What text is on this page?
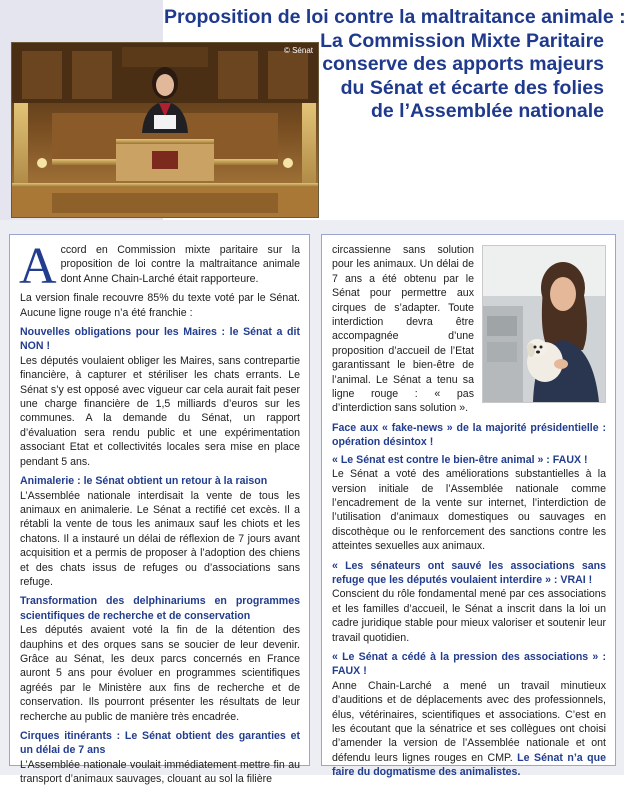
© Sénat
Proposition de loi contre la maltraitance animale :
La Commission Mixte Paritaire
conserve des apports majeurs
du Sénat et écarte des folies
de l’Assemblée nationale
A ccord en Commission mixte paritaire sur la proposition de loi contre la maltraitance animale dont Anne Chain-Larché était rapporteure.

La version finale recouvre 85% du texte voté par le Sénat. Aucune ligne rouge n’a été franchie :

Nouvelles obligations pour les Maires : le Sénat a dit NON !

Les députés voulaient obliger les Maires, sans contrepartie financière, à capturer et stériliser les chats errants. Le Sénat s’y est opposé avec vigueur car cela aurait fait peser une charge financière de 1,5 milliards d’euros sur les communes. A la demande du Sénat, un rapport d’évaluation sera rendu public et une expérimentation associant Etat et collectivités locales sera mise en place pendant 5 ans.

Animalerie : le Sénat obtient un retour à la raison

L’Assemblée nationale interdisait la vente de tous les animaux en animalerie. Le Sénat a rectifié cet excès. Il a rétabli la vente de tous les animaux sauf les chiots et les chatons. Il a instauré un délai de réflexion de 7 jours avant acquisition et a permis de proposer à l’adoption des chiens et des chats issus de refuges ou d’associations sans refuge.

Transformation des delphinariums en programmes scientifiques de recherche et de conservation

Les députés avaient voté la fin de la détention des dauphins et des orques sans se soucier de leur devenir. Grâce au Sénat, les deux parcs concernés en France auront 5 ans pour évoluer en programmes scientifiques agréés par le Ministère aux fins de recherche et de conservation. Ils pourront présenter les résultats de leur recherche au public de manière très encadrée.

Cirques itinérants : Le Sénat obtient des garanties et un délai de 7 ans

L’Assemblée nationale voulait immédiatement mettre fin au transport d’animaux sauvages, clouant au sol la filière

circassienne sans solution pour les animaux. Un délai de 7 ans a été obtenu par le Sénat pour permettre aux cirques de s’adapter. Toute interdiction devra être accompagnée d’une proposition d’accueil de l’Etat garantissant le bien-être de l’animal. Le Sénat a tenu sa ligne rouge : « pas d’interdiction sans solution ».

Face aux « fake-news » de la majorité présidentielle : opération désintox !
« Le Sénat est contre le bien-être animal » : FAUX !

Le Sénat a voté des améliorations substantielles à la version initiale de l’Assemblée nationale comme l’encadrement de la vente sur internet, l’interdiction de l’utilisation d’animaux domestiques ou sauvages en discothèque ou le renforcement des sanctions contre les atteintes sexuelles aux animaux.

« Les sénateurs ont sauvé les associations sans refuge que les députés voulaient interdire » : VRAI !

Conscient du rôle fondamental mené par ces associations et les familles d’accueil, le Sénat a inscrit dans la loi un cadre juridique stable pour mieux valoriser et soutenir leur travail quotidien.

« Le Sénat a cédé à la pression des associations » : FAUX !

Anne Chain-Larché a mené un travail minutieux d’auditions et de déplacements avec des professionnels, élus, vétérinaires, scientifiques et associations. C’est en les écoutant que la sénatrice et ses collègues ont choisi d’amender la version de l’Assemblée nationale et ont défendu leurs lignes rouges en CMP. Le Sénat n’a que faire du dogmatisme des animalistes.
